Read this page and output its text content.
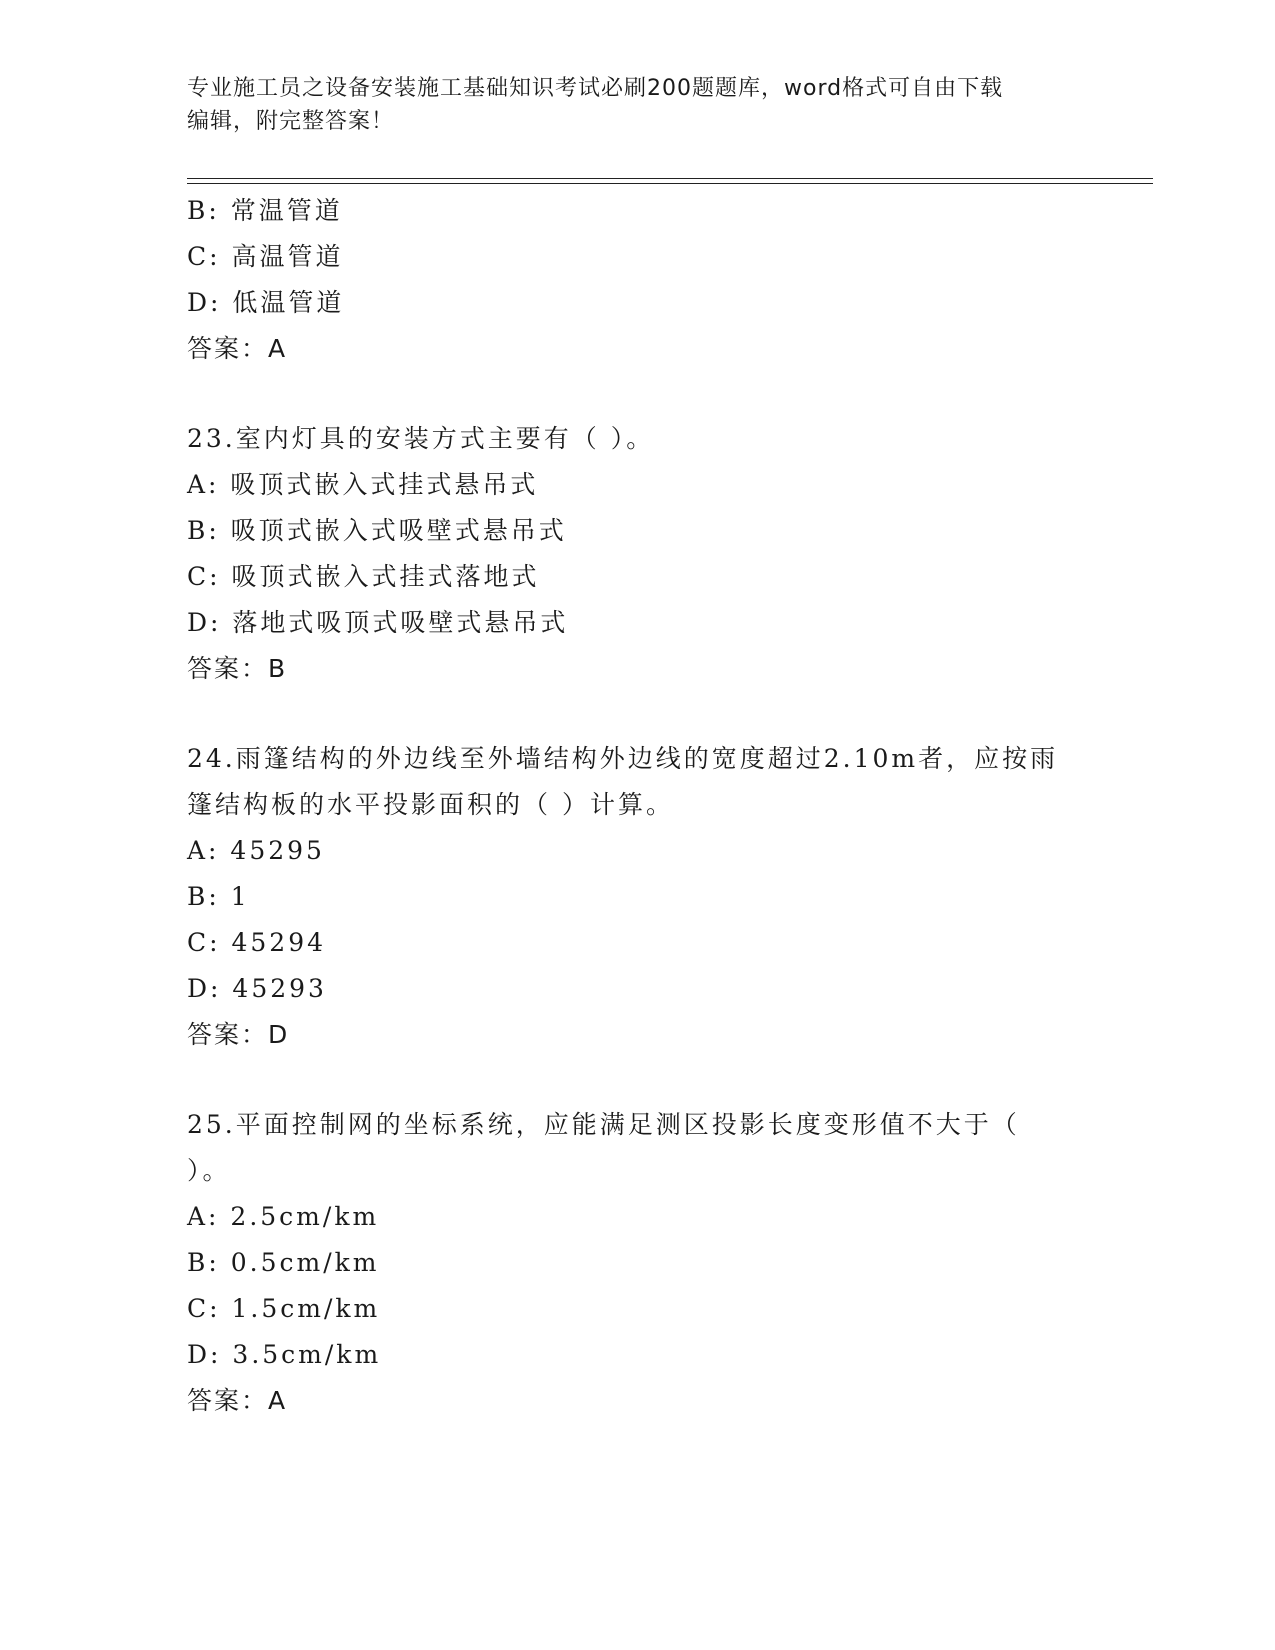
专业施工员之设备安装施工基础知识考试必刷200题题库，word格式可自由下载
编辑，附完整答案！
B: 常温管道
C: 高温管道
D: 低温管道
答案：A
23.室内灯具的安装方式主要有（ ）。
A: 吸顶式嵌入式挂式悬吊式
B: 吸顶式嵌入式吸壁式悬吊式
C: 吸顶式嵌入式挂式落地式
D: 落地式吸顶式吸壁式悬吊式
答案：B
24.雨篷结构的外边线至外墙结构外边线的宽度超过2.10m者，应按雨
篷结构板的水平投影面积的（ ）计算。
A: 45295
B: 1
C: 45294
D: 45293
答案：D
25.平面控制网的坐标系统，应能满足测区投影长度变形值不大于（
）。
A: 2.5cm/km
B: 0.5cm/km
C: 1.5cm/km
D: 3.5cm/km
答案：A
